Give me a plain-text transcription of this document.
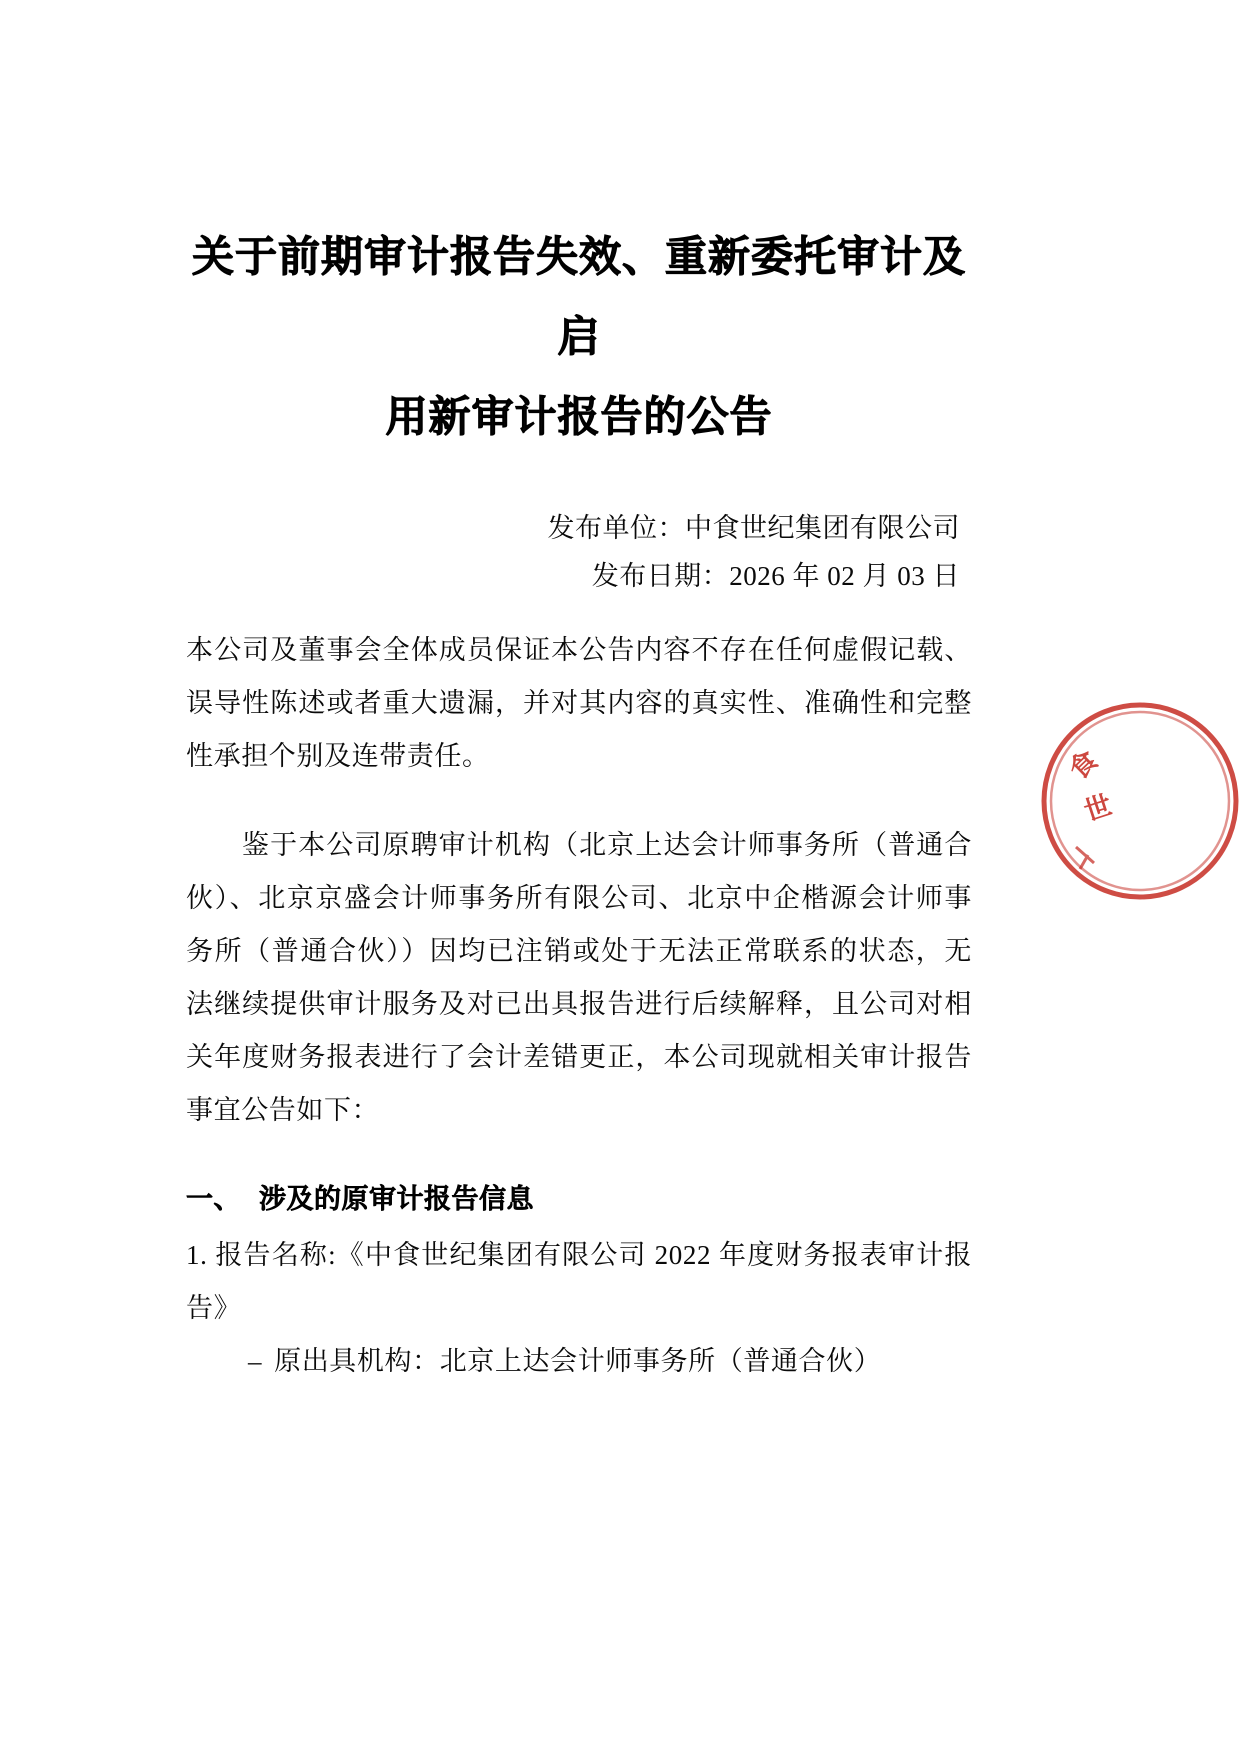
关于前期审计报告失效、重新委托审计及启
用新审计报告的公告
发布单位：中食世纪集团有限公司
发布日期：2026 年 02 月 03 日

本公司及董事会全体成员保证本公告内容不存在任何虚假记载、误导性陈述或者重大遗漏，并对其内容的真实性、准确性和完整性承担个别及连带责任。

鉴于本公司原聘审计机构（北京上达会计师事务所（普通合伙）、北京京盛会计师事务所有限公司、北京中企楷源会计师事务所（普通合伙））因均已注销或处于无法正常联系的状态，无法继续提供审计服务及对已出具报告进行后续解释，且公司对相关年度财务报表进行了会计差错更正，本公司现就相关审计报告事宜公告如下：

一、 涉及的原审计报告信息

1. 报告名称:《中食世纪集团有限公司 2022 年度财务报表审计报告》

– 原出具机构：北京上达会计师事务所（普通合伙）

食
世
